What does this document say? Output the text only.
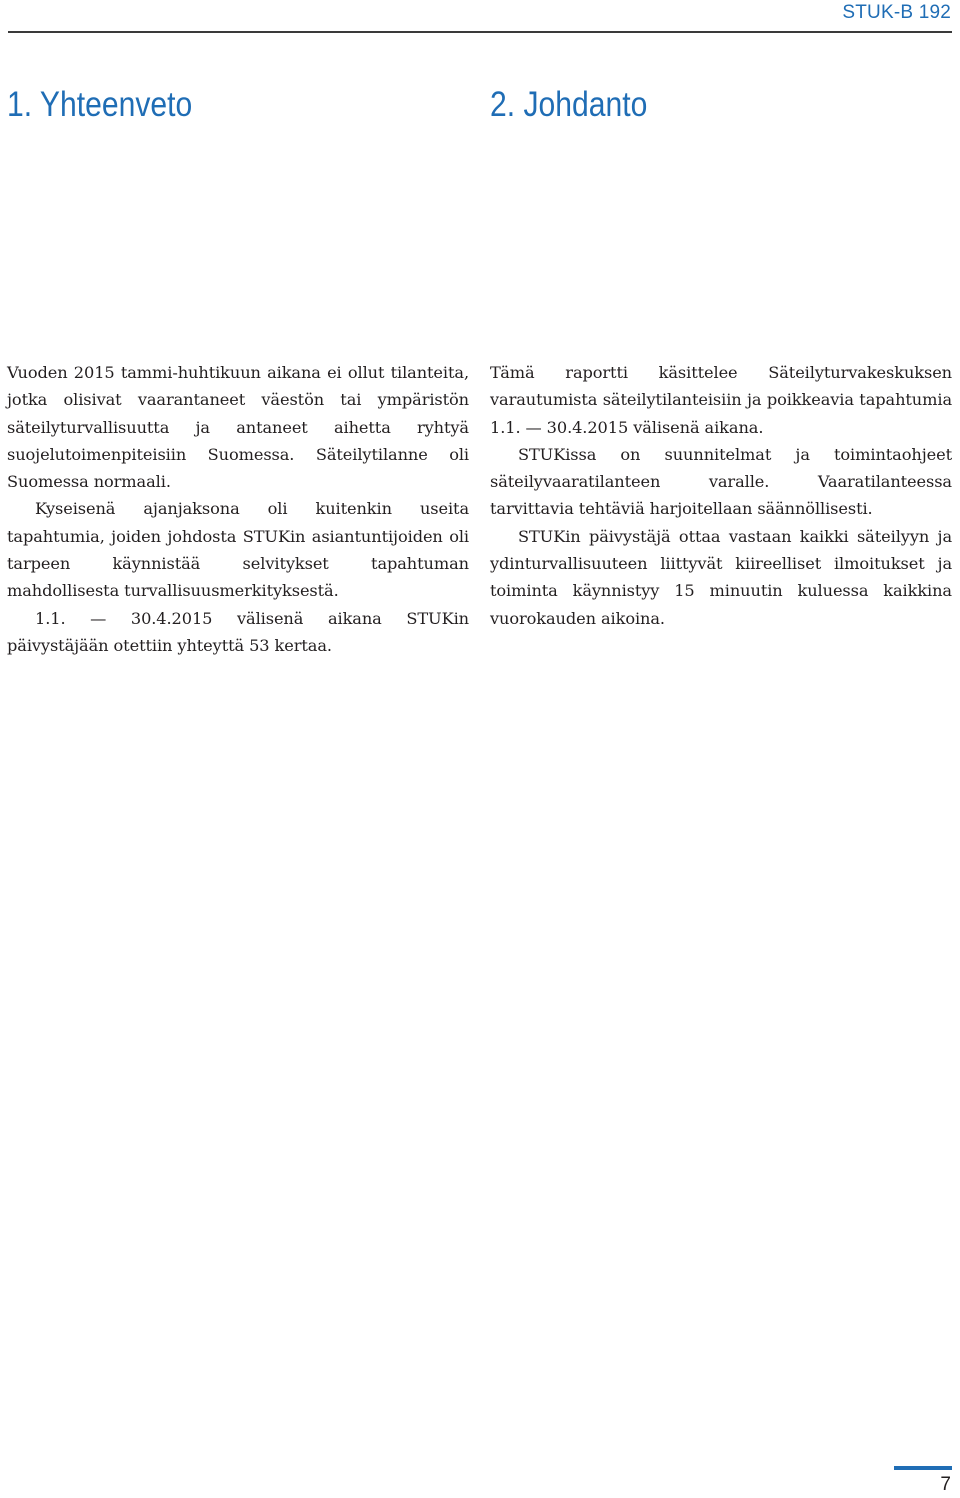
STUK-B 192
1. Yhteenveto	2. Johdanto

Vuoden 2015 tammi-huhtikuun aikana ei ollut tilanteita, jotka olisivat vaarantaneet väestön tai ympäristön säteilyturvallisuutta ja antaneet aihetta ryhtyä suojelutoimenpiteisiin Suomessa. Säteilytilanne oli Suomessa normaali.

Kyseisenä ajanjaksona oli kuitenkin useita tapahtumia, joiden johdosta STUKin asiantuntijoiden oli tarpeen käynnistää selvitykset tapahtuman mahdollisesta turvallisuusmerkityksestä.

1.1. — 30.4.2015 välisenä aikana STUKin päivystäjään otettiin yhteyttä 53 kertaa.

Tämä raportti käsittelee Säteilyturvakeskuksen varautumista säteilytilanteisiin ja poikkeavia tapahtumia 1.1. — 30.4.2015 välisenä aikana.

STUKissa on suunnitelmat ja toimintaohjeet säteilyvaaratilanteen varalle. Vaaratilanteessa tarvittavia tehtäviä harjoitellaan säännöllisesti.

STUKin päivystäjä ottaa vastaan kaikki säteilyyn ja ydinturvallisuuteen liittyvät kiireelliset ilmoitukset ja toiminta käynnistyy 15 minuutin kuluessa kaikkina vuorokauden aikoina.

7
